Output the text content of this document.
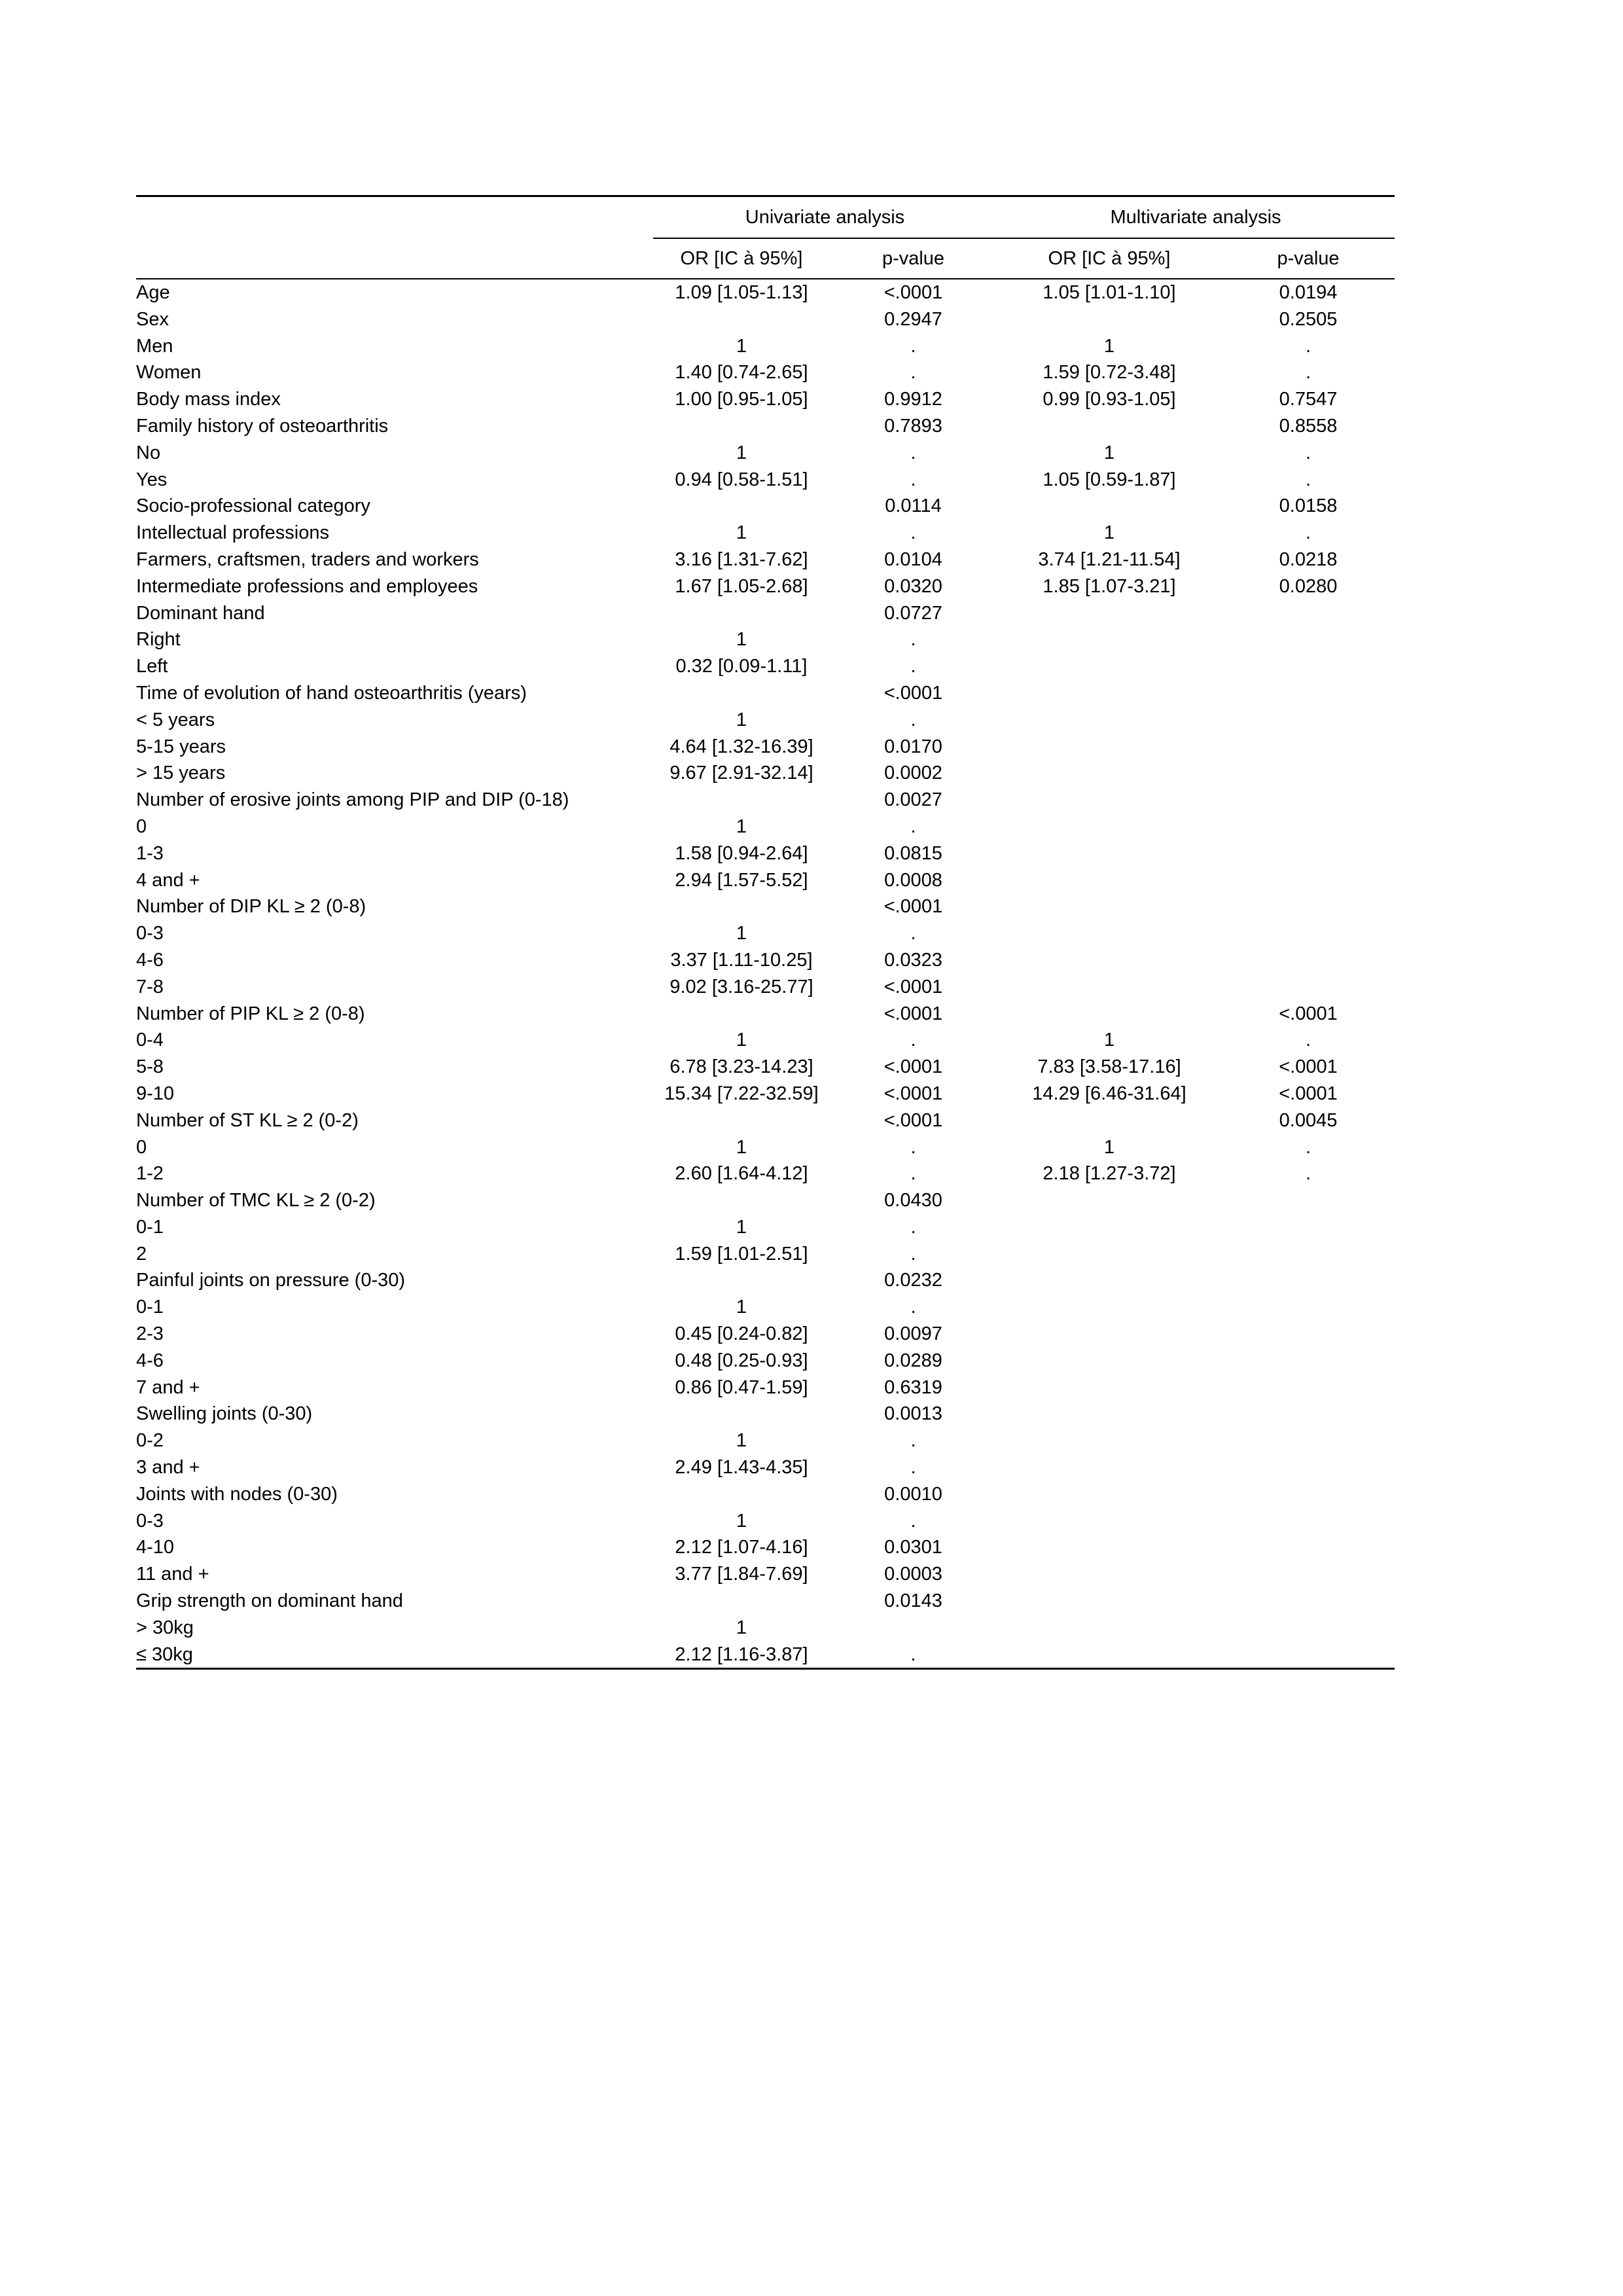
	Univariate analysis		Multivariate analysis	
	OR [IC à 95%]	p-value	OR [IC à 95%]	p-value
Age	1.09 [1.05-1.13]	<.0001	1.05 [1.01-1.10]	0.0194
Sex		0.2947		0.2505
Men	1	.	1	.
Women	1.40 [0.74-2.65]	.	1.59 [0.72-3.48]	.
Body mass index	1.00 [0.95-1.05]	0.9912	0.99 [0.93-1.05]	0.7547
Family history of osteoarthritis		0.7893		0.8558
No	1	.	1	.
Yes	0.94 [0.58-1.51]	.	1.05 [0.59-1.87]	.
Socio-professional category		0.0114		0.0158
Intellectual professions	1	.	1	.
Farmers, craftsmen, traders and workers	3.16 [1.31-7.62]	0.0104	3.74 [1.21-11.54]	0.0218
Intermediate professions and employees	1.67 [1.05-2.68]	0.0320	1.85 [1.07-3.21]	0.0280
Dominant hand		0.0727		
Right	1	.		
Left	0.32 [0.09-1.11]	.		
Time of evolution of hand osteoarthritis (years)		<.0001		
< 5 years	1	.		
5-15 years	4.64 [1.32-16.39]	0.0170		
> 15 years	9.67 [2.91-32.14]	0.0002		
Number of erosive joints among PIP and DIP (0-18)		0.0027		
0	1	.		
1-3	1.58 [0.94-2.64]	0.0815		
4 and +	2.94 [1.57-5.52]	0.0008		
Number of DIP KL ≥ 2 (0-8)		<.0001		
0-3	1	.		
4-6	3.37 [1.11-10.25]	0.0323		
7-8	9.02 [3.16-25.77]	<.0001		
Number of PIP KL ≥ 2 (0-8)		<.0001		<.0001
0-4	1	.	1	.
5-8	6.78 [3.23-14.23]	<.0001	7.83 [3.58-17.16]	<.0001
9-10	15.34 [7.22-32.59]	<.0001	14.29 [6.46-31.64]	<.0001
Number of ST KL ≥ 2 (0-2)		<.0001		0.0045
0	1	.	1	.
1-2	2.60 [1.64-4.12]	.	2.18 [1.27-3.72]	.
Number of TMC KL ≥ 2 (0-2)		0.0430		
0-1	1	.		
2	1.59 [1.01-2.51]	.		
Painful joints on pressure (0-30)		0.0232		
0-1	1	.		
2-3	0.45 [0.24-0.82]	0.0097		
4-6	0.48 [0.25-0.93]	0.0289		
7 and +	0.86 [0.47-1.59]	0.6319		
Swelling joints (0-30)		0.0013		
0-2	1	.		
3 and +	2.49 [1.43-4.35]	.		
Joints with nodes (0-30)		0.0010		
0-3	1	.		
4-10	2.12 [1.07-4.16]	0.0301		
11 and +	3.77 [1.84-7.69]	0.0003		
Grip strength on dominant hand		0.0143		
> 30kg	1			
≤ 30kg	2.12 [1.16-3.87]	.		
